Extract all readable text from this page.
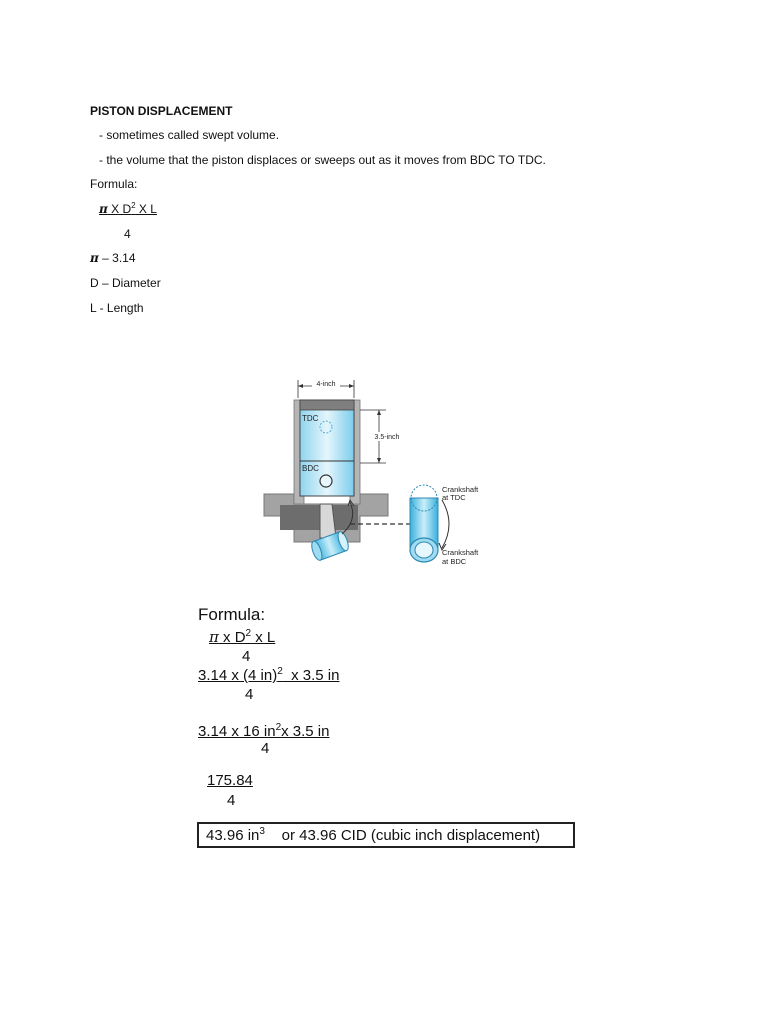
PISTON DISPLACEMENT
- sometimes called swept volume.
- the volume that the piston displaces or sweeps out as it moves from BDC TO TDC.
Formula:
π X $D^2$ X L
4
π – 3.14
D – Diameter
L - Length
4-inch
3.5-inch
TDC
BDC
Crankshaft
at TDC
Crankshaft
at BDC
Formula:
π x $D^2$ x L
4
3.14 x (4 in)$^2$  x 3.5 in
4
3.14 x 16 $in^2x$ 3.5 in
4
175.84
4
43.96 $in^3$    or 43.96 CID (cubic inch displacement)
